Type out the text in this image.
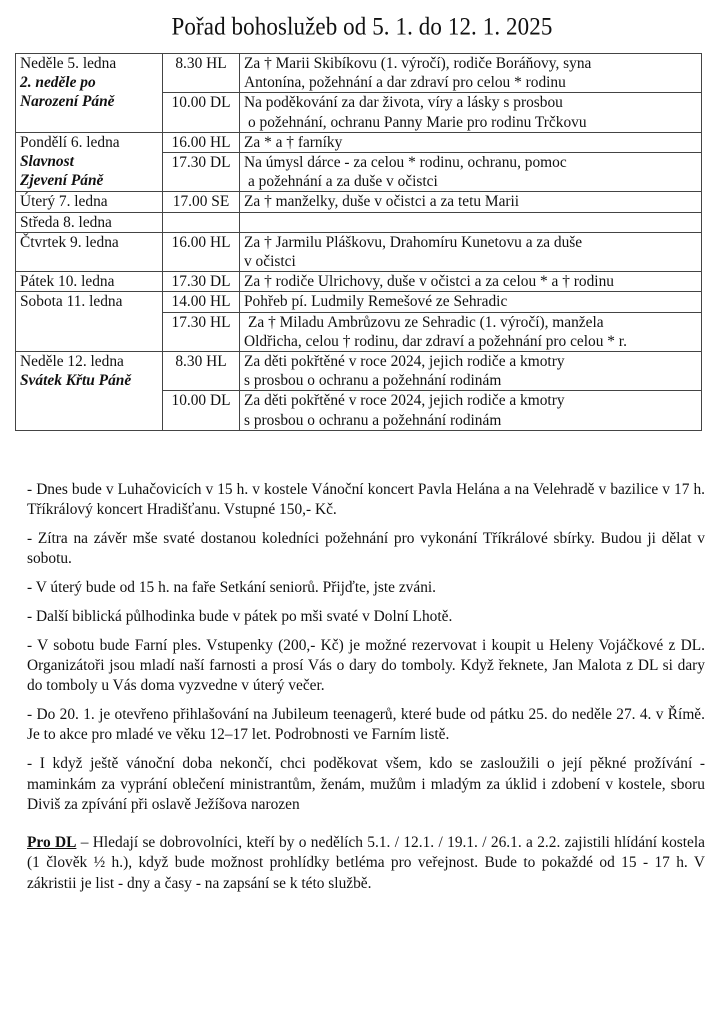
Pořad bohoslužeb od 5. 1. do 12. 1. 2025
Neděle 5. ledna
2. neděle po
Narození Páně
	8.30 HL	Za † Marii Skibíkovu (1. výročí), rodiče Boráňovy, syna
Antonína, požehnání a dar zdraví pro celou * rodinu

	10.00 DL	Na poděkování za dar života, víry a lásky s prosbou
o požehnání, ochranu Panny Marie pro rodinu Trčkovu

Pondělí 6. ledna
Slavnost
Zjevení Páně	16.00 HL	Za * a † farníky

	17.30 DL	Na úmysl dárce - za celou * rodinu, ochranu, pomoc
a požehnání a za duše v očistci

Úterý 7. ledna	17.00 SE	Za † manželky, duše v očistci a za tetu Marii

Středa 8. ledna		
Čtvrtek 9. ledna	16.00 HL	Za † Jarmilu Pláškovu, Drahomíru Kunetovu a za duše
v očistci

Pátek 10. ledna	17.30 DL	Za † rodiče Ulrichovy, duše v očistci a za celou * a † rodinu

Sobota 11. ledna	14.00 HL	Pohřeb pí. Ludmily Remešové ze Sehradic

	17.30 HL	Za † Miladu Ambrůzovu ze Sehradic (1. výročí), manžela
Oldřicha, celou † rodinu, dar zdraví a požehnání pro celou * r.

Neděle 12. ledna
Svátek Křtu Páně
	8.30 HL	Za děti pokřtěné v roce 2024, jejich rodiče a kmotry
s prosbou o ochranu a požehnání rodinám

	10.00 DL	Za děti pokřtěné v roce 2024, jejich rodiče a kmotry
s prosbou o ochranu a požehnání rodinám

- Dnes bude v Luhačovicích v 15 h. v kostele Vánoční koncert Pavla Helána a na Velehradě v bazilice v 17 h. Tříkrálový koncert Hradišťanu. Vstupné 150,- Kč.

- Zítra na závěr mše svaté dostanou koledníci požehnání pro vykonání Tříkrálové sbírky. Budou ji dělat v sobotu.

- V úterý bude od 15 h. na faře Setkání seniorů. Přijďte, jste zváni.

- Další biblická půlhodinka bude v pátek po mši svaté v Dolní Lhotě.

- V sobotu bude Farní ples. Vstupenky (200,- Kč) je možné rezervovat i koupit u Heleny Vojáčkové z DL. Organizátoři jsou mladí naší farnosti a prosí Vás o dary do tomboly. Když řeknete, Jan Malota z DL si dary do tomboly u Vás doma vyzvedne v úterý večer.

- Do 20. 1. je otevřeno přihlašování na Jubileum teenagerů, které bude od pátku 25. do neděle 27. 4. v Římě. Je to akce pro mladé ve věku 12–17 let. Podrobnosti ve Farním listě.

- I když ještě vánoční doba nekončí, chci poděkovat všem, kdo se zasloužili o její pěkné prožívání - maminkám za vyprání oblečení ministrantům, ženám, mužům i mladým za úklid i zdobení v kostele, sboru Diviš za zpívání při oslavě Ježíšova narozen

Pro DL – Hledají se dobrovolníci, kteří by o nedělích 5.1. / 12.1. / 19.1. / 26.1. a 2.2. zajistili hlídání kostela (1 člověk ½ h.), když bude možnost prohlídky betléma pro veřejnost. Bude to pokaždé od 15 - 17 h. V zákristii je list - dny a časy - na zapsání se k této službě.
